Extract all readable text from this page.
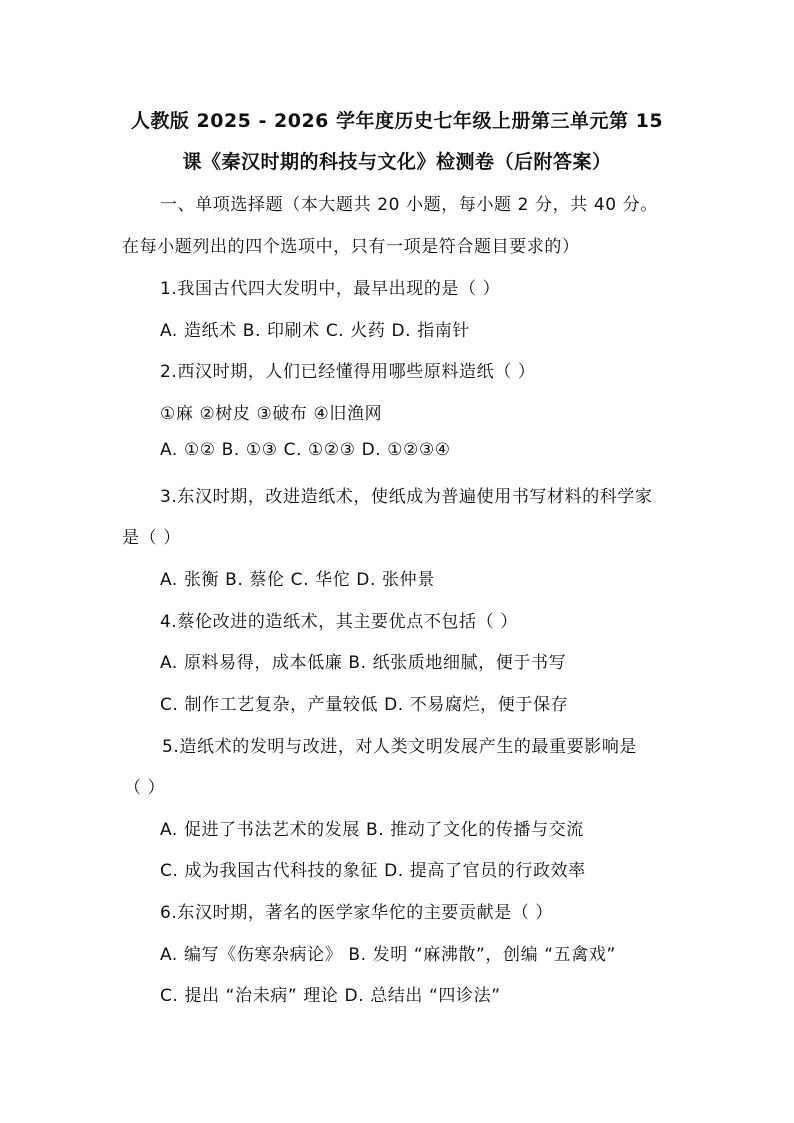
人教版 2025 - 2026 学年度历史七年级上册第三单元第 15
课《秦汉时期的科技与文化》检测卷（后附答案）
一、单项选择题（本大题共 20 小题，每小题 2 分，共 40 分。
在每小题列出的四个选项中，只有一项是符合题目要求的）
1.我国古代四大发明中，最早出现的是（ ）
A. 造纸术 B. 印刷术 C. 火药 D. 指南针
2.西汉时期，人们已经懂得用哪些原料造纸（ ）
①麻 ②树皮 ③破布 ④旧渔网
A. ①② B. ①③ C. ①②③ D. ①②③④
3.东汉时期，改进造纸术，使纸成为普遍使用书写材料的科学家
是（ ）
A. 张衡 B. 蔡伦 C. 华佗 D. 张仲景
4.蔡伦改进的造纸术，其主要优点不包括（ ）
A. 原料易得，成本低廉 B. 纸张质地细腻，便于书写
C. 制作工艺复杂，产量较低 D. 不易腐烂，便于保存
5.造纸术的发明与改进，对人类文明发展产生的最重要影响是
（ ）
A. 促进了书法艺术的发展 B. 推动了文化的传播与交流
C. 成为我国古代科技的象征 D. 提高了官员的行政效率
6.东汉时期，著名的医学家华佗的主要贡献是（ ）
A. 编写《伤寒杂病论》 B. 发明 “麻沸散”，创编 “五禽戏”
C. 提出 “治未病” 理论 D. 总结出 “四诊法”
